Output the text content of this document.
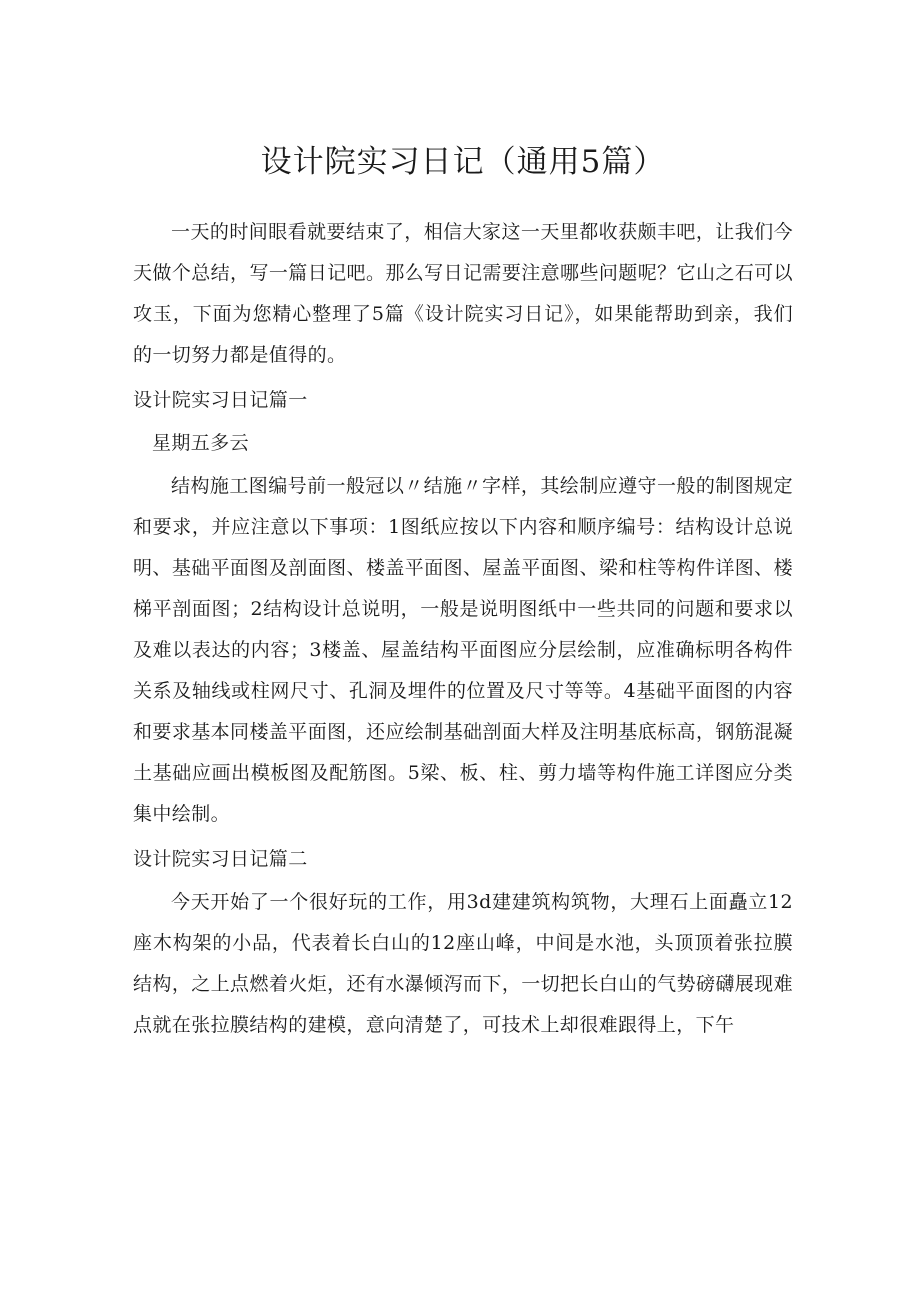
设计院实习日记（通用5篇）

一天的时间眼看就要结束了，相信大家这一天里都收获颇丰吧，让我们今天做个总结，写一篇日记吧。那么写日记需要注意哪些问题呢？它山之石可以攻玉，下面为您精心整理了5篇《设计院实习日记》，如果能帮助到亲，我们的一切努力都是值得的。

设计院实习日记篇一

星期五多云

结构施工图编号前一般冠以〃结施〃字样，其绘制应遵守一般的制图规定和要求，并应注意以下事项：1图纸应按以下内容和顺序编号：结构设计总说明、基础平面图及剖面图、楼盖平面图、屋盖平面图、梁和柱等构件详图、楼梯平剖面图；2结构设计总说明，一般是说明图纸中一些共同的问题和要求以及难以表达的内容；3楼盖、屋盖结构平面图应分层绘制，应准确标明各构件关系及轴线或柱网尺寸、孔洞及埋件的位置及尺寸等等。4基础平面图的内容和要求基本同楼盖平面图，还应绘制基础剖面大样及注明基底标高，钢筋混凝土基础应画出模板图及配筋图。5梁、板、柱、剪力墙等构件施工详图应分类集中绘制。

设计院实习日记篇二

今天开始了一个很好玩的工作，用3d建建筑构筑物，大理石上面矗立12座木构架的小品，代表着长白山的12座山峰，中间是水池，头顶顶着张拉膜结构，之上点燃着火炬，还有水瀑倾泻而下，一切把长白山的气势磅礴展现难点就在张拉膜结构的建模，意向清楚了，可技术上却很难跟得上，下午
